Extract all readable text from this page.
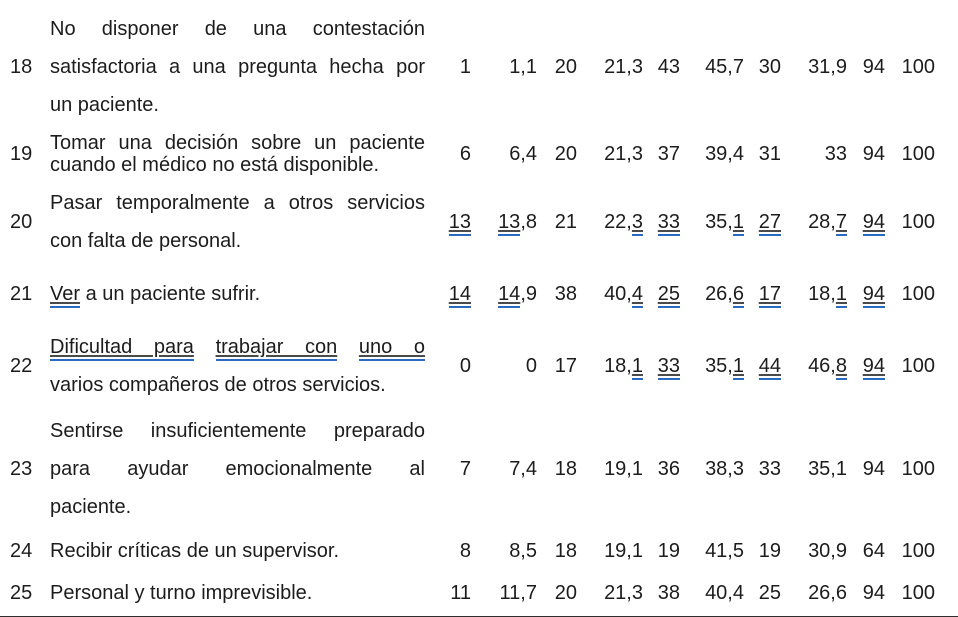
18	No disponer de una contestación
satisfactoria a una pregunta hecha por
un paciente.	1	1,1	20	21,3	43	45,7	30	31,9	94	100
19	Tomar una decisión sobre un paciente
cuando el médico no está disponible.	6	6,4	20	21,3	37	39,4	31	33	94	100
20	Pasar temporalmente a otros servicios
con falta de personal.	13	13,8	21	22,3	33	35,1	27	28,7	94	100
21	Ver a un paciente sufrir.	14	14,9	38	40,4	25	26,6	17	18,1	94	100
22	Dificultad para trabajar con uno o
varios compañeros de otros servicios.	0	0	17	18,1	33	35,1	44	46,8	94	100
23	Sentirse insuficientemente preparado
para ayudar emocionalmente al
paciente.	7	7,4	18	19,1	36	38,3	33	35,1	94	100
24	Recibir críticas de un supervisor.	8	8,5	18	19,1	19	41,5	19	30,9	64	100
25	Personal y turno imprevisible.	11	11,7	20	21,3	38	40,4	25	26,6	94	100
